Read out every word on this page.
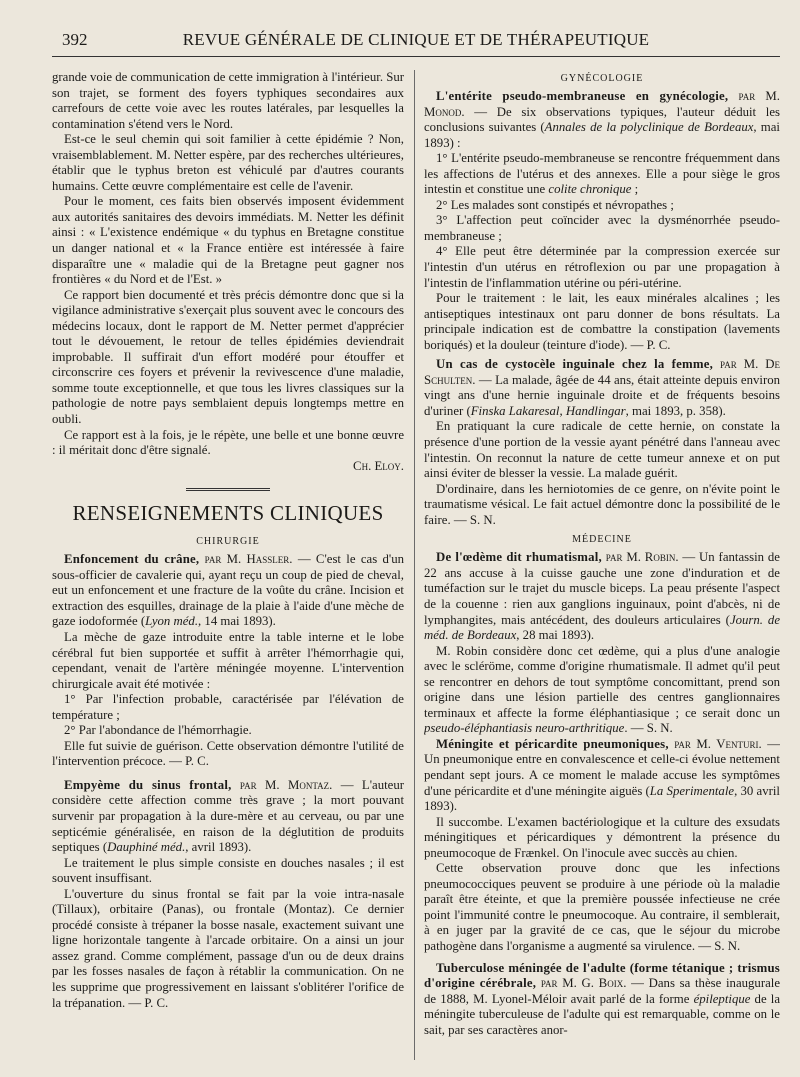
392	REVUE GÉNÉRALE DE CLINIQUE ET DE THÉRAPEUTIQUE

grande voie de communication de cette immigration à l'intérieur. Sur son trajet, se forment des foyers typhiques secondaires aux carrefours de cette voie avec les routes latérales, par lesquelles la contamination s'étend vers le Nord.

Est-ce le seul chemin qui soit familier à cette épidémie ? Non, vraisemblablement. M. Netter espère, par des recherches ultérieures, établir que le typhus breton est véhiculé par d'autres courants humains. Cette œuvre complémentaire est celle de l'avenir.

Pour le moment, ces faits bien observés imposent évidemment aux autorités sanitaires des devoirs immédiats. M. Netter les définit ainsi : « L'existence endémique « du typhus en Bretagne constitue un danger national et « la France entière est intéressée à faire disparaître une « maladie qui de la Bretagne peut gagner nos frontières « du Nord et de l'Est. »

Ce rapport bien documenté et très précis démontre donc que si la vigilance administrative s'exerçait plus souvent avec le concours des médecins locaux, dont le rapport de M. Netter permet d'apprécier tout le dévouement, le retour de telles épidémies deviendrait improbable. Il suffirait d'un effort modéré pour étouffer et circonscrire ces foyers et prévenir la revivescence d'une maladie, somme toute exceptionnelle, et que tous les livres classiques sur la pathologie de notre pays semblaient depuis longtemps mettre en oubli.

Ce rapport est à la fois, je le répète, une belle et une bonne œuvre : il méritait donc d'être signalé.

Ch. Eloy.

RENSEIGNEMENTS CLINIQUES
CHIRURGIE

Enfoncement du crâne, par M. Hassler. — C'est le cas d'un sous-officier de cavalerie qui, ayant reçu un coup de pied de cheval, eut un enfoncement et une fracture de la voûte du crâne. Incision et extraction des esquilles, drainage de la plaie à l'aide d'une mèche de gaze iodoformée (Lyon méd., 14 mai 1893).

La mèche de gaze introduite entre la table interne et le lobe cérébral fut bien supportée et suffit à arrêter l'hémorrhagie qui, cependant, venait de l'artère méningée moyenne. L'intervention chirurgicale avait été motivée :

1° Par l'infection probable, caractérisée par l'élévation de température ;

2° Par l'abondance de l'hémorrhagie.

Elle fut suivie de guérison. Cette observation démontre l'utilité de l'intervention précoce. — P. C.

Empyème du sinus frontal, par M. Montaz. — L'auteur considère cette affection comme très grave ; la mort pouvant survenir par propagation à la dure-mère et au cerveau, ou par une septicémie généralisée, en raison de la déglutition de produits septiques (Dauphiné méd., avril 1893).

Le traitement le plus simple consiste en douches nasales ; il est souvent insuffisant.

L'ouverture du sinus frontal se fait par la voie intra-nasale (Tillaux), orbitaire (Panas), ou frontale (Montaz). Ce dernier procédé consiste à trépaner la bosse nasale, exactement suivant une ligne horizontale tangente à l'arcade orbitaire. On a ainsi un jour assez grand. Comme complément, passage d'un ou de deux drains par les fosses nasales de façon à rétablir la communication. On ne les supprime que progressivement en laissant s'oblitérer l'orifice de la trépanation. — P. C.

GYNÉCOLOGIE

L'entérite pseudo-membraneuse en gynécologie, par M. Monod. — De six observations typiques, l'auteur déduit les conclusions suivantes (Annales de la polyclinique de Bordeaux, mai 1893) :

1° L'entérite pseudo-membraneuse se rencontre fréquemment dans les affections de l'utérus et des annexes. Elle a pour siège le gros intestin et constitue une colite chronique ;

2° Les malades sont constipés et névropathes ;

3° L'affection peut coïncider avec la dysménorrhée pseudo-membraneuse ;

4° Elle peut être déterminée par la compression exercée sur l'intestin d'un utérus en rétroflexion ou par une propagation à l'intestin de l'inflammation utérine ou péri-utérine.

Pour le traitement : le lait, les eaux minérales alcalines ; les antiseptiques intestinaux ont paru donner de bons résultats. La principale indication est de combattre la constipation (lavements boriqués) et la douleur (teinture d'iode). — P. C.

Un cas de cystocèle inguinale chez la femme, par M. De Schulten. — La malade, âgée de 44 ans, était atteinte depuis environ vingt ans d'une hernie inguinale droite et de fréquents besoins d'uriner (Finska Lakaresal, Handlingar, mai 1893, p. 358).

En pratiquant la cure radicale de cette hernie, on constate la présence d'une portion de la vessie ayant pénétré dans l'anneau avec l'intestin. On reconnut la nature de cette tumeur annexe et on put ainsi éviter de blesser la vessie. La malade guérit.

D'ordinaire, dans les herniotomies de ce genre, on n'évite point le traumatisme vésical. Le fait actuel démontre donc la possibilité de le faire. — S. N.

MÉDECINE

De l'œdème dit rhumatismal, par M. Robin. — Un fantassin de 22 ans accuse à la cuisse gauche une zone d'induration et de tuméfaction sur le trajet du muscle biceps. La peau présente l'aspect de la couenne : rien aux ganglions inguinaux, point d'abcès, ni de lymphangites, mais antécédent, des douleurs articulaires (Journ. de méd. de Bordeaux, 28 mai 1893).

M. Robin considère donc cet œdème, qui a plus d'une analogie avec le scléröme, comme d'origine rhumatismale. Il admet qu'il peut se rencontrer en dehors de tout symptôme concomittant, prend son origine dans une lésion partielle des centres ganglionnaires terminaux et affecte la forme éléphantiasique ; ce serait donc un pseudo-éléphantiasis neuro-arthritique. — S. N.

Méningite et péricardite pneumoniques, par M. Venturi. — Un pneumonique entre en convalescence et celle-ci évolue nettement pendant sept jours. A ce moment le malade accuse les symptômes d'une péricardite et d'une méningite aiguës (La Sperimentale, 30 avril 1893).

Il succombe. L'examen bactériologique et la culture des exsudats méningitiques et péricardiques y démontrent la présence du pneumocoque de Frænkel. On l'inocule avec succès au chien.

Cette observation prouve donc que les infections pneumococciques peuvent se produire à une période où la maladie paraît être éteinte, et que la première poussée infectieuse ne crée point l'immunité contre le pneumocoque. Au contraire, il semblerait, à en juger par la gravité de ce cas, que le séjour du microbe pathogène dans l'organisme a augmenté sa virulence. — S. N.

Tuberculose méningée de l'adulte (forme tétanique ; trismus d'origine cérébrale, par M. G. Boix. — Dans sa thèse inaugurale de 1888, M. Lyonel-Méloir avait parlé de la forme épileptique de la méningite tuberculeuse de l'adulte qui est remarquable, comme on le sait, par ses caractères anor-
